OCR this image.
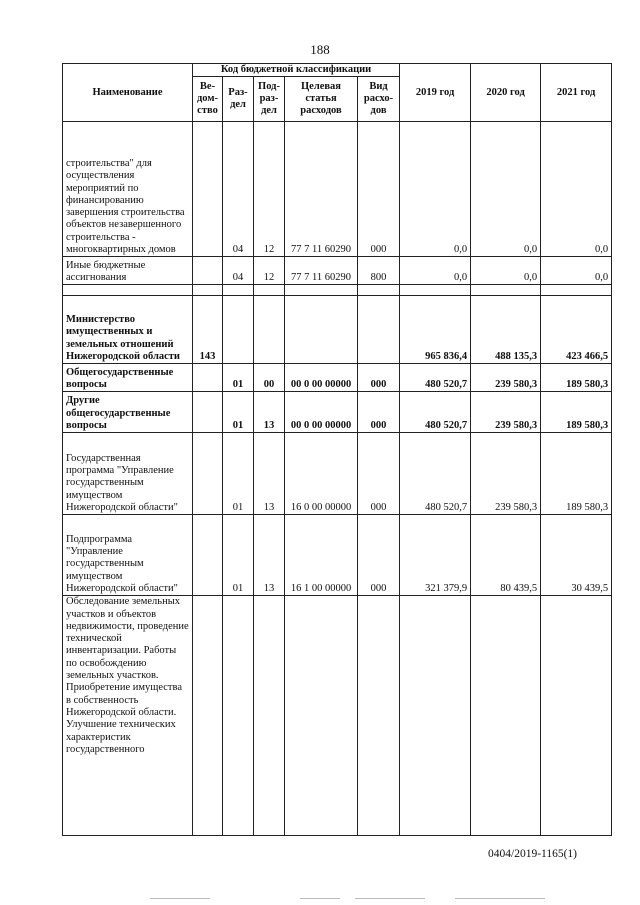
188
Наименование	Код бюджетной классификации					2019 год	2020 год	2021 год
	Ве-
дом-
ство	Раз-
дел	Под-
раз-
дел	Целевая
статья
расходов	Вид
расхо-
дов			
строительства" для осуществления мероприятий по финансированию завершения строительства объектов незавершенного строительства - многоквартирных домов		04	12	77 7 11 60290	000	0,0	0,0	0,0
Иные бюджетные ассигнования		04	12	77 7 11 60290	800	0,0	0,0	0,0

Министерство имущественных и земельных отношений Нижегородской области	143					965 836,4	488 135,3	423 466,5
Общегосударственные вопросы		01	00	00 0 00 00000	000	480 520,7	239 580,3	189 580,3
Другие общегосударственные вопросы		01	13	00 0 00 00000	000	480 520,7	239 580,3	189 580,3
Государственная программа "Управление государственным имуществом Нижегородской области"		01	13	16 0 00 00000	000	480 520,7	239 580,3	189 580,3
Подпрограмма "Управление государственным имуществом Нижегородской области"		01	13	16 1 00 00000	000	321 379,9	80 439,5	30 439,5
Обследование земельных участков и объектов недвижимости, проведение технической инвентаризации. Работы по освобождению земельных участков. Приобретение имущества в собственность Нижегородской области. Улучшение технических характеристик государственного								
0404/2019-1165(1)
